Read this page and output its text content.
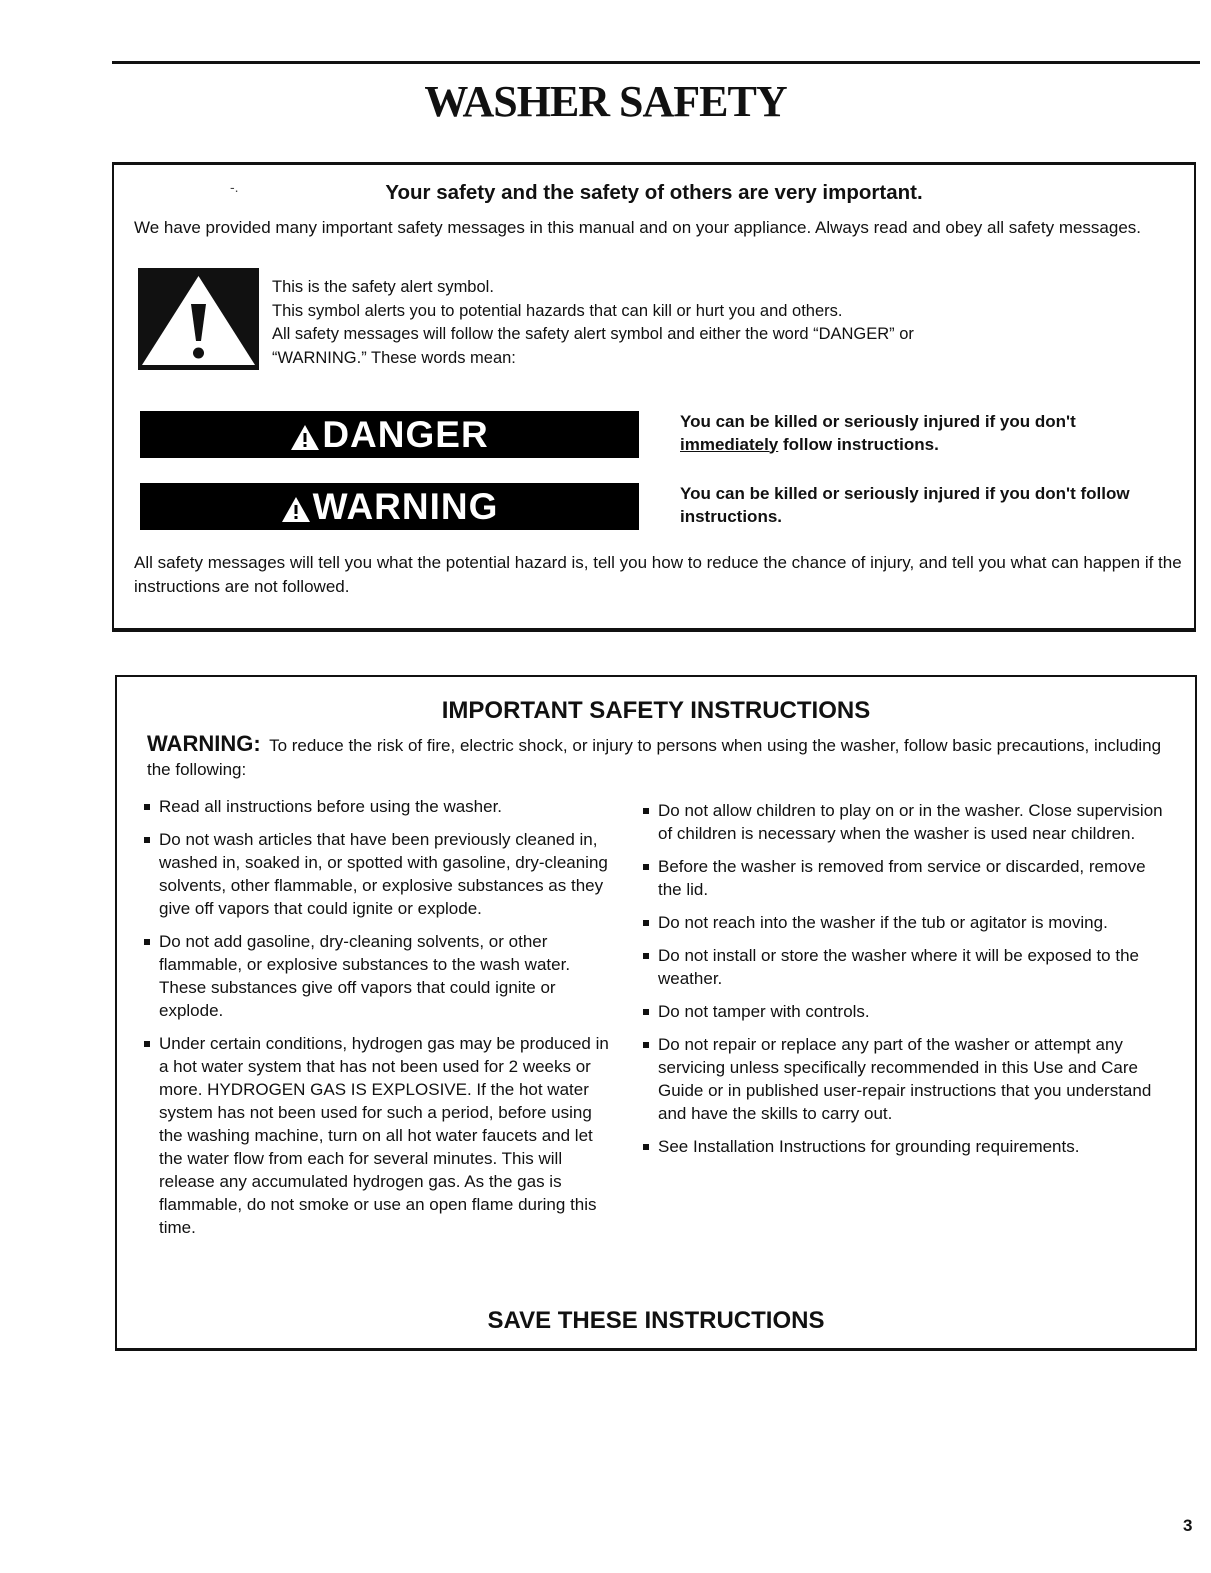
WASHER SAFETY
-.	Your safety and the safety of others are very important.

We have provided many important safety messages in this manual and on your appliance. Always read and obey all safety messages.

This is the safety alert symbol.
This symbol alerts you to potential hazards that can kill or hurt you and others.
All safety messages will follow the safety alert symbol and either the word “DANGER” or
“WARNING.” These words mean:
DANGER	You can be killed or seriously injured if you don't
immediately follow instructions.
WARNING	You can be killed or seriously injured if you don't follow instructions.

All safety messages will tell you what the potential hazard is, tell you how to reduce the chance of injury, and tell you what can happen if the instructions are not followed.

IMPORTANT SAFETY INSTRUCTIONS

WARNING: To reduce the risk of fire, electric shock, or injury to persons when using the washer, follow basic precautions, including the following:

Read all instructions before using the washer.
Do not wash articles that have been previously cleaned in, washed in, soaked in, or spotted with gasoline, dry-cleaning solvents, other flammable, or explosive substances as they give off vapors that could ignite or explode.
Do not add gasoline, dry-cleaning solvents, or other flammable, or explosive substances to the wash water. These substances give off vapors that could ignite or explode.
Under certain conditions, hydrogen gas may be produced in a hot water system that has not been used for 2 weeks or more. HYDROGEN GAS IS EXPLOSIVE. If the hot water system has not been used for such a period, before using the washing machine, turn on all hot water faucets and let the water flow from each for several minutes. This will release any accumulated hydrogen gas. As the gas is flammable, do not smoke or use an open flame during this time.
Do not allow children to play on or in the washer. Close supervision of children is necessary when the washer is used near children.
Before the washer is removed from service or discarded, remove the lid.
Do not reach into the washer if the tub or agitator is moving.
Do not install or store the washer where it will be exposed to the weather.
Do not tamper with controls.
Do not repair or replace any part of the washer or attempt any servicing unless specifically recommended in this Use and Care Guide or in published user-repair instructions that you understand and have the skills to carry out.
See Installation Instructions for grounding requirements.
SAVE THESE INSTRUCTIONS
3
